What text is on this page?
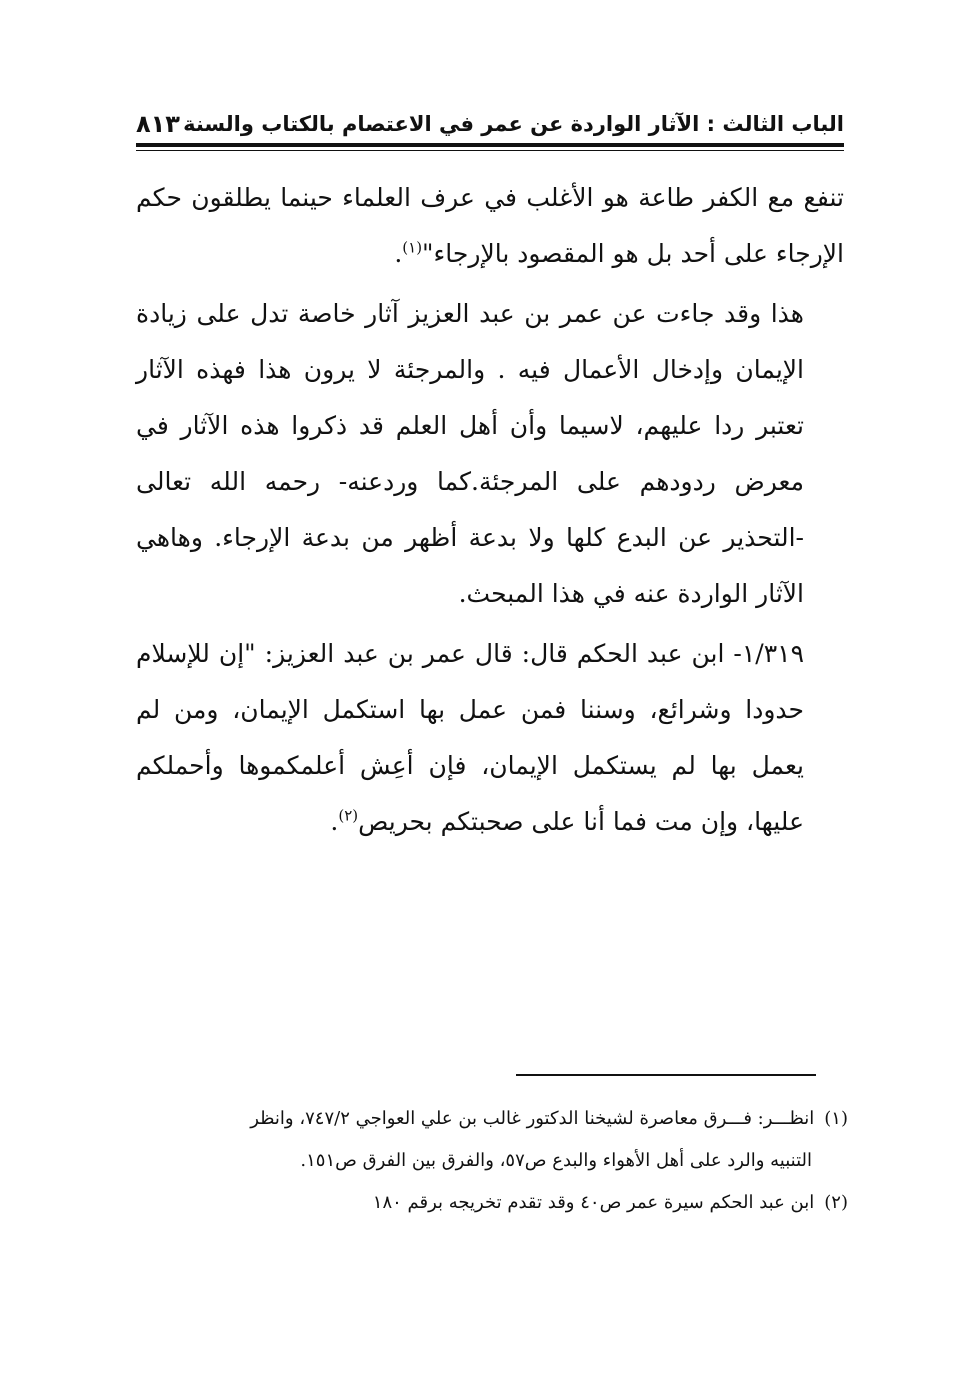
الباب الثالث : الآثار الواردة عن عمر في الاعتصام بالكتاب والسنة
٨١٣

تنفع مع الكفر طاعة هو الأغلب في عرف العلماء حينما يطلقون حكم الإرجاء على أحد بل هو المقصود بالإرجاء"$^{(١)}$.

هذا وقد جاءت عن عمر بن عبد العزيز آثار خاصة تدل على زيادة الإيمان وإدخال الأعمال فيه . والمرجئة لا يرون هذا فهذه الآثار تعتبر ردا عليهم، لاسيما وأن أهل العلم قد ذكروا هذه الآثار في معرض ردودهم على المرجئة.كما وردعنه- رحمه الله تعالى -التحذير عن البدع كلها ولا بدعة أظهر من بدعة الإرجاء. وهاهي الآثار الواردة عنه في هذا المبحث.

١/٣١٩- ابن عبد الحكم قال: قال عمر بن عبد العزيز: "إن للإسلام حدودا وشرائع، وسننا فمن عمل بها استكمل الإيمان، ومن لم يعمل بها لم يستكمل الإيمان، فإن أعِش أعلمكموها وأحملكم عليها، وإن مت فما أنا على صحبتكم بحريص$^{(٢)}$.

(١)انظـــر: فـــرق معاصرة لشيخنا الدكتور غالب بن علي العواجي ٧٤٧/٢، وانظر

التنبيه والرد على أهل الأهواء والبدع ص٥٧، والفرق بين الفرق ص١٥١.

(٢)ابن عبد الحكم سيرة عمر ص٤٠ وقد تقدم تخريجه برقم ١٨٠
